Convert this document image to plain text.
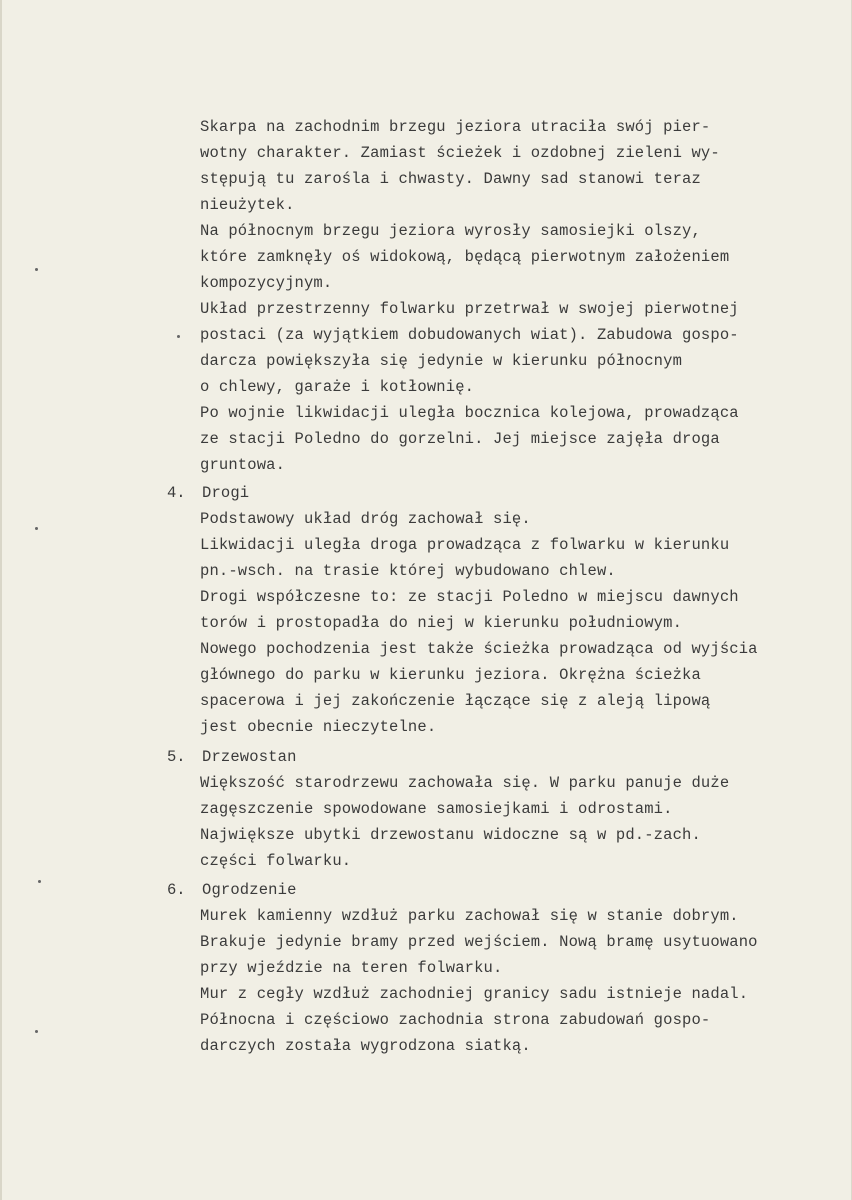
Skarpa na zachodnim brzegu jeziora utraciła swój pier-
wotny charakter. Zamiast ścieżek i ozdobnej zieleni wy-
stępują tu zarośla i chwasty. Dawny sad stanowi teraz
nieużytek.
Na północnym brzegu jeziora wyrosły samosiejki olszy,
które zamknęły oś widokową, będącą pierwotnym założeniem
kompozycyjnym.
Układ przestrzenny folwarku przetrwał w swojej pierwotnej
postaci (za wyjątkiem dobudowanych wiat). Zabudowa gospo-
darcza powiększyła się jedynie w kierunku północnym
o chlewy, garaże i kotłownię.
Po wojnie likwidacji uległa bocznica kolejowa, prowadząca
ze stacji Poledno do gorzelni. Jej miejsce zajęła droga
gruntowa.
4. Drogi
Podstawowy układ dróg zachował się.
Likwidacji uległa droga prowadząca z folwarku w kierunku
pn.-wsch. na trasie której wybudowano chlew.
Drogi współczesne to: ze stacji Poledno w miejscu dawnych
torów i prostopadła do niej w kierunku południowym.
Nowego pochodzenia jest także ścieżka prowadząca od wyjścia
głównego do parku w kierunku jeziora. Okrężna ścieżka
spacerowa i jej zakończenie łączące się z aleją lipową
jest obecnie nieczytelne.
5. Drzewostan
Większość starodrzewu zachowała się. W parku panuje duże
zagęszczenie spowodowane samosiejkami i odrostami.
Największe ubytki drzewostanu widoczne są w pd.-zach.
części folwarku.
6. Ogrodzenie
Murek kamienny wzdłuż parku zachował się w stanie dobrym.
Brakuje jedynie bramy przed wejściem. Nową bramę usytuowano
przy wjeździe na teren folwarku.
Mur z cegły wzdłuż zachodniej granicy sadu istnieje nadal.
Północna i częściowo zachodnia strona zabudowań gospo-
darczych została wygrodzona siatką.
